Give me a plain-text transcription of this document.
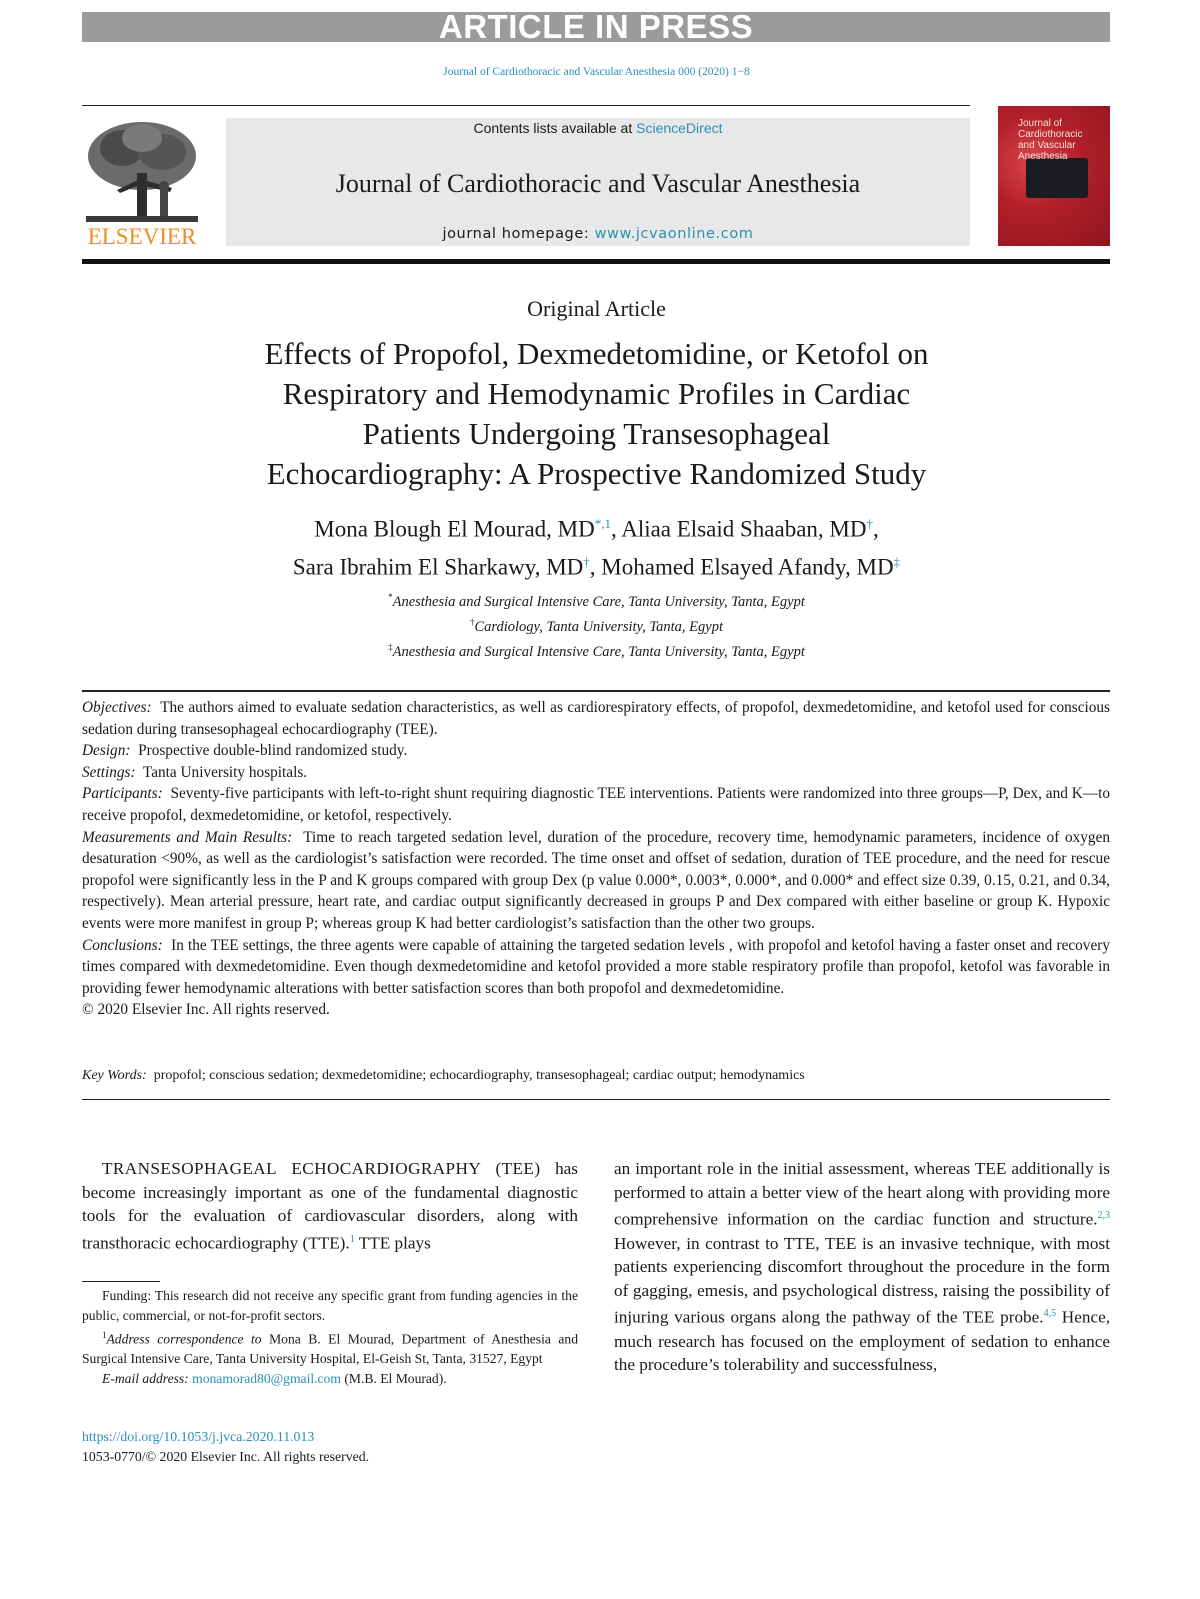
ARTICLE IN PRESS
Journal of Cardiothoracic and Vascular Anesthesia 000 (2020) 1−8
ELSEVIER
Contents lists available at ScienceDirect
Journal of Cardiothoracic and Vascular Anesthesia
journal homepage: www.jcvaonline.com
Journal of Cardiothoracic and Vascular Anesthesia
Original Article
Effects of Propofol, Dexmedetomidine, or Ketofol on
Respiratory and Hemodynamic Profiles in Cardiac
Patients Undergoing Transesophageal
Echocardiography: A Prospective Randomized Study
Mona Blough El Mourad, $MD^{*,1}$, Aliaa Elsaid Shaaban, MD†,
Sara Ibrahim El Sharkawy, MD†, Mohamed Elsayed Afandy, MD‡
*Anesthesia and Surgical Intensive Care, Tanta University, Tanta, Egypt
†Cardiology, Tanta University, Tanta, Egypt
‡Anesthesia and Surgical Intensive Care, Tanta University, Tanta, Egypt

Objectives: The authors aimed to evaluate sedation characteristics, as well as cardiorespiratory effects, of propofol, dexmedetomidine, and ketofol used for conscious sedation during transesophageal echocardiography (TEE).

Design: Prospective double-blind randomized study.

Settings: Tanta University hospitals.

Participants: Seventy-five participants with left-to-right shunt requiring diagnostic TEE interventions. Patients were randomized into three groups—P, Dex, and K—to receive propofol, dexmedetomidine, or ketofol, respectively.

Measurements and Main Results: Time to reach targeted sedation level, duration of the procedure, recovery time, hemodynamic parameters, incidence of oxygen desaturation <90%, as well as the cardiologist’s satisfaction were recorded. The time onset and offset of sedation, duration of TEE procedure, and the need for rescue propofol were significantly less in the P and K groups compared with group Dex (p value 0.000*, 0.003*, 0.000*, and 0.000* and effect size 0.39, 0.15, 0.21, and 0.34, respectively). Mean arterial pressure, heart rate, and cardiac output significantly decreased in groups P and Dex compared with either baseline or group K. Hypoxic events were more manifest in group P; whereas group K had better cardiologist’s satisfaction than the other two groups.

Conclusions: In the TEE settings, the three agents were capable of attaining the targeted sedation levels , with propofol and ketofol having a faster onset and recovery times compared with dexmedetomidine. Even though dexmedetomidine and ketofol provided a more stable respiratory profile than propofol, ketofol was favorable in providing fewer hemodynamic alterations with better satisfaction scores than both propofol and dexmedetomidine.

© 2020 Elsevier Inc. All rights reserved.

Key Words: propofol; conscious sedation; dexmedetomidine; echocardiography, transesophageal; cardiac output; hemodynamics

TRANSESOPHAGEAL ECHOCARDIOGRAPHY (TEE) has become increasingly important as one of the fundamental diagnostic tools for the evaluation of cardiovascular disorders, along with transthoracic echocardiography (TTE).$^1$ TTE plays

Funding: This research did not receive any specific grant from funding agencies in the public, commercial, or not-for-profit sectors.

$^1$Address correspondence to Mona B. El Mourad, Department of Anesthesia and Surgical Intensive Care, Tanta University Hospital, El-Geish St, Tanta, 31527, Egypt

E-mail address: monamorad80@gmail.com (M.B. El Mourad).

an important role in the initial assessment, whereas TEE additionally is performed to attain a better view of the heart along with providing more comprehensive information on the cardiac function and structure.$^{2,3}$ However, in contrast to TTE, TEE is an invasive technique, with most patients experiencing discomfort throughout the procedure in the form of gagging, emesis, and psychological distress, raising the possibility of injuring various organs along the pathway of the TEE probe.$^{4,5}$ Hence, much research has focused on the employment of sedation to enhance the procedure’s tolerability and successfulness,

https://doi.org/10.1053/j.jvca.2020.11.013
1053-0770/© 2020 Elsevier Inc. All rights reserved.
